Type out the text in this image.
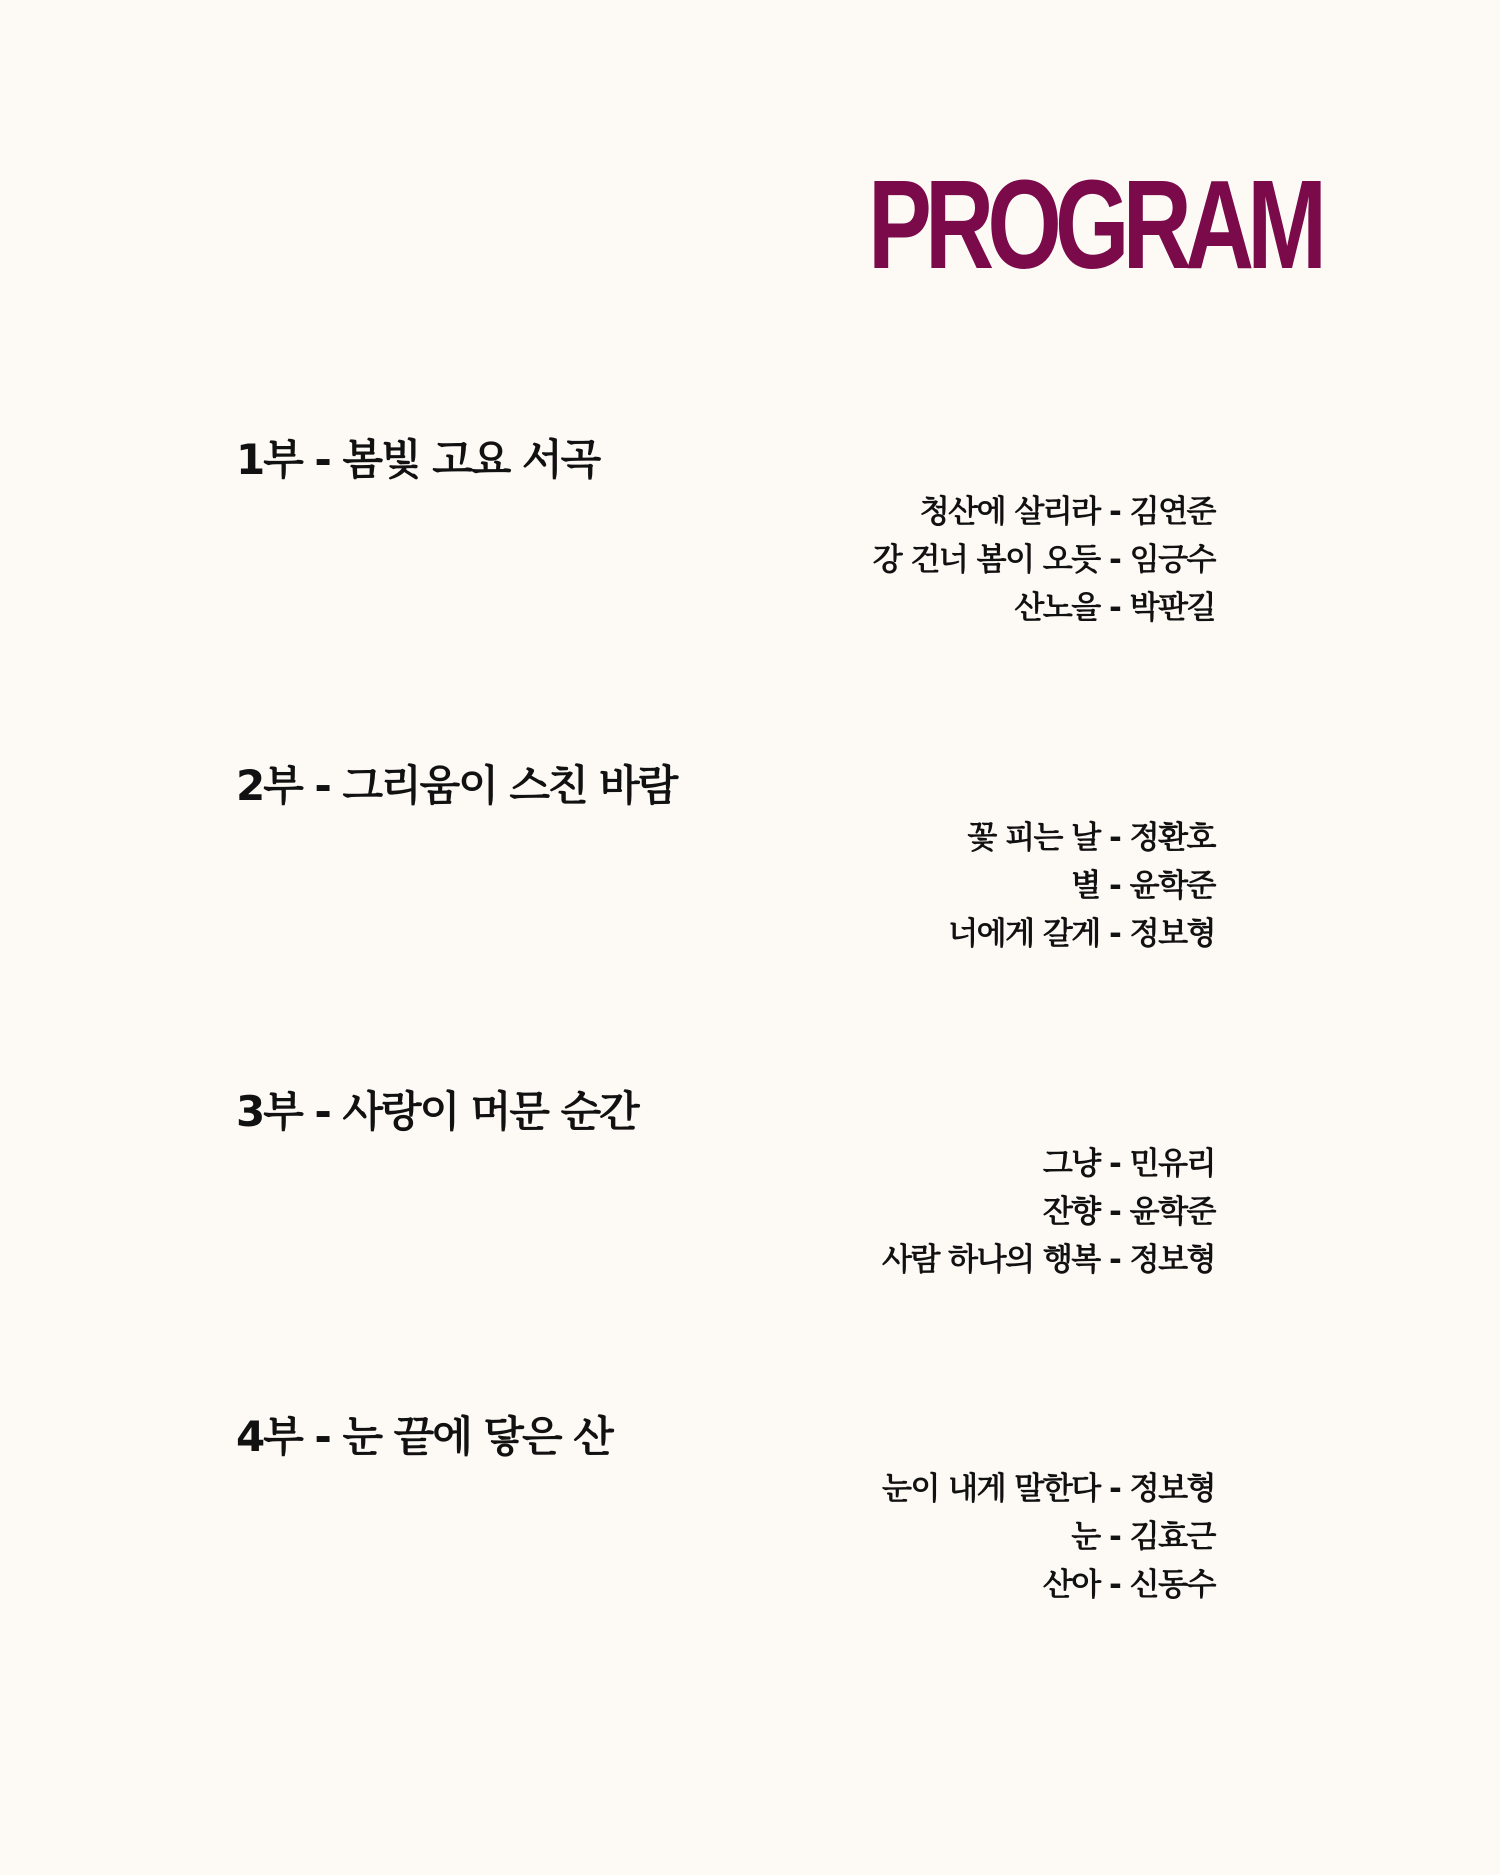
PROGRAM
1부 - 봄빛 고요 서곡
청산에 살리라 - 김연준
강 건너 봄이 오듯 - 임긍수
산노을 - 박판길
2부 - 그리움이 스친 바람
꽃 피는 날 - 정환호
별 - 윤학준
너에게 갈게 - 정보형
3부 - 사랑이 머문 순간
그냥 - 민유리
잔향 - 윤학준
사람 하나의 행복 - 정보형
4부 - 눈 끝에 닿은 산
눈이 내게 말한다 - 정보형
눈 - 김효근
산아 - 신동수
